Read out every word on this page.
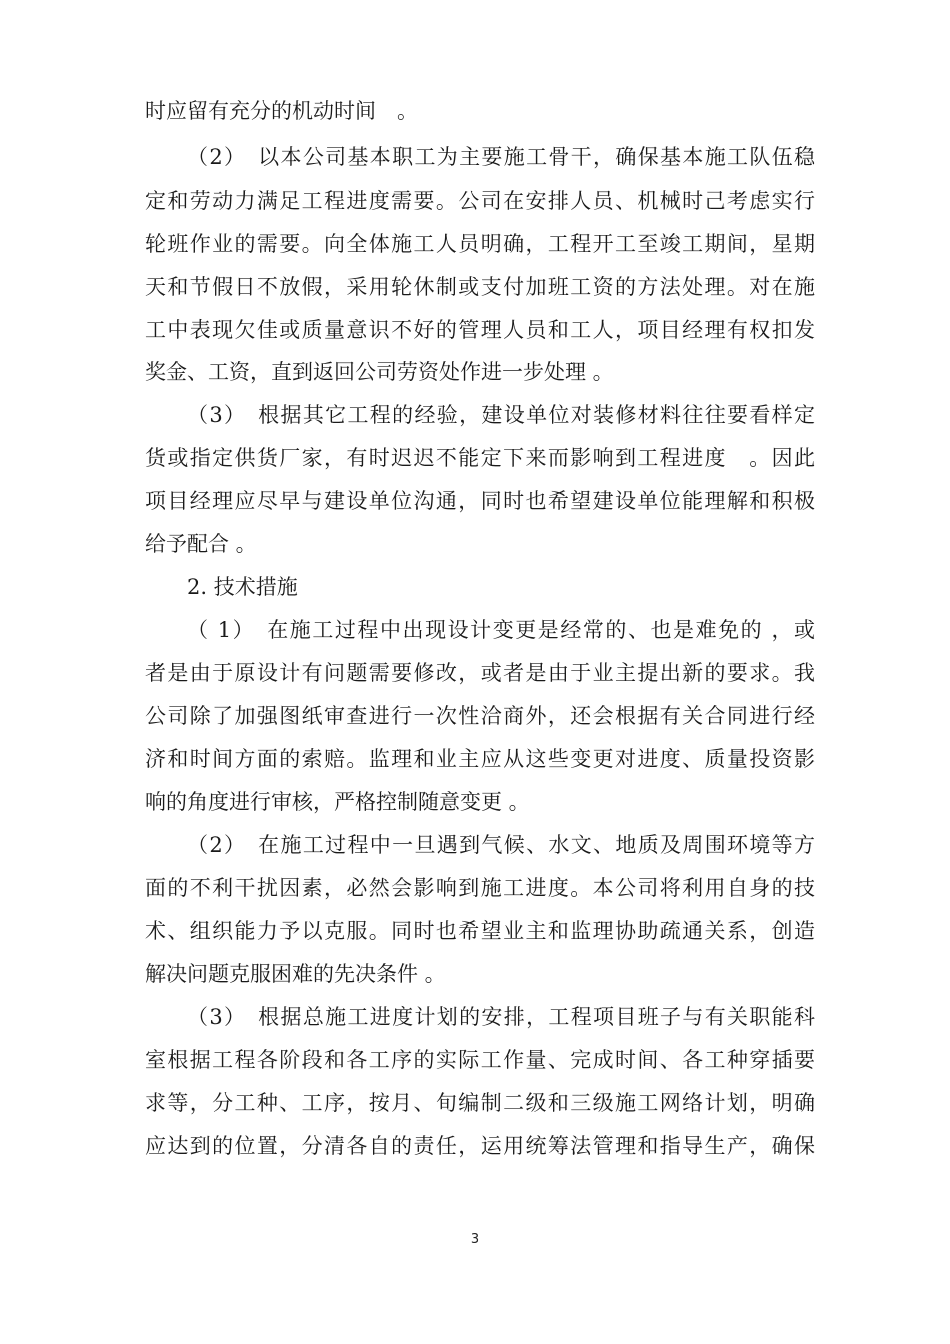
时应留有充分的机动时间　。
（2）　以本公司基本职工为主要施工骨干，确保基本施工队伍稳
定和劳动力满足工程进度需要。公司在安排人员、机械时己考虑实行
轮班作业的需要。向全体施工人员明确，工程开工至竣工期间，星期
天和节假日不放假，采用轮休制或支付加班工资的方法处理。对在施
工中表现欠佳或质量意识不好的管理人员和工人，项目经理有权扣发
奖金、工资，直到返回公司劳资处作进一步处理 。
（3）　根据其它工程的经验，建设单位对装修材料往往要看样定
货或指定供货厂家，有时迟迟不能定下来而影响到工程进度　。因此
项目经理应尽早与建设单位沟通，同时也希望建设单位能理解和积极
给予配合 。
2. 技术措施
（ 1）　在施工过程中出现设计变更是经常的、也是难免的 ，或
者是由于原设计有问题需要修改，或者是由于业主提出新的要求。我
公司除了加强图纸审查进行一次性洽商外，还会根据有关合同进行经
济和时间方面的索赔。监理和业主应从这些变更对进度、质量投资影
响的角度进行审核，严格控制随意变更 。
（2）　在施工过程中一旦遇到气候、水文、地质及周围环境等方
面的不利干扰因素，必然会影响到施工进度。本公司将利用自身的技
术、组织能力予以克服。同时也希望业主和监理协助疏通关系，创造
解决问题克服困难的先决条件 。
（3）　根据总施工进度计划的安排，工程项目班子与有关职能科
室根据工程各阶段和各工序的实际工作量、完成时间、各工种穿插要
求等，分工种、工序，按月、旬编制二级和三级施工网络计划，明确
应达到的位置，分清各自的责任，运用统筹法管理和指导生产，确保
3
